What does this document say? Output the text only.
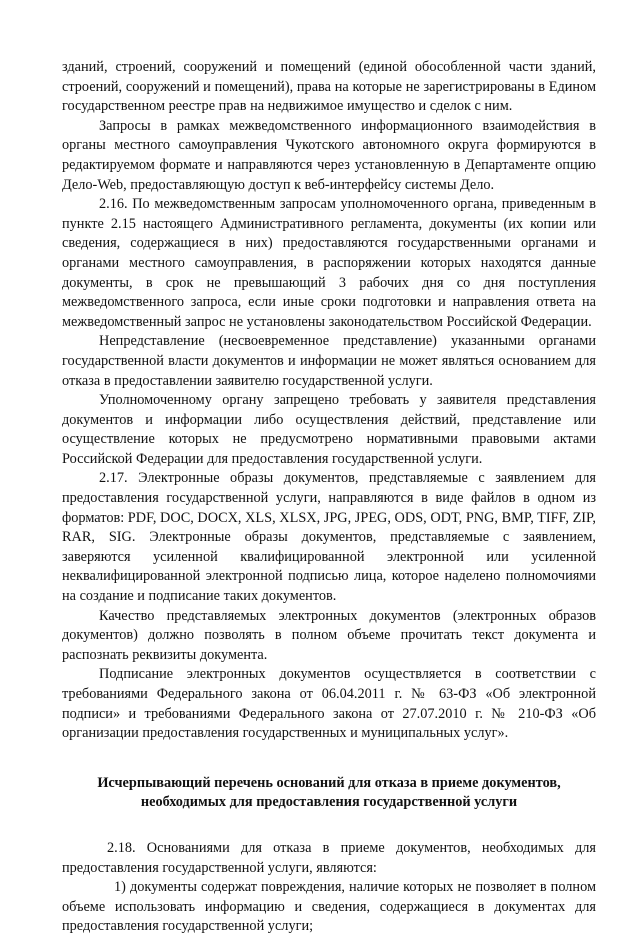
зданий, строений, сооружений и помещений (единой обособленной части зданий, строений, сооружений и помещений), права на которые не зарегистрированы в Едином государственном реестре прав на недвижимое имущество и сделок с ним.

Запросы в рамках межведомственного информационного взаимодействия в органы местного самоуправления Чукотского автономного округа формируются в редактируемом формате и направляются через установленную в Департаменте опцию Дело-Web, предоставляющую доступ к веб-интерфейсу системы Дело.

2.16. По межведомственным запросам уполномоченного органа, приведенным в пункте 2.15 настоящего Административного регламента, документы (их копии или сведения, содержащиеся в них) предоставляются государственными органами и органами местного самоуправления, в распоряжении которых находятся данные документы, в срок не превышающий 3 рабочих дня со дня поступления межведомственного запроса, если иные сроки подготовки и направления ответа на межведомственный запрос не установлены законодательством Российской Федерации.

Непредставление (несвоевременное представление) указанными органами государственной власти документов и информации не может являться основанием для отказа в предоставлении заявителю государственной услуги.

Уполномоченному органу запрещено требовать у заявителя представления документов и информации либо осуществления действий, представление или осуществление которых не предусмотрено нормативными правовыми актами Российской Федерации для предоставления государственной услуги.

2.17. Электронные образы документов, представляемые с заявлением для предоставления государственной услуги, направляются в виде файлов в одном из форматов: PDF, DOC, DOCX, XLS, XLSX, JPG, JPEG, ODS, ODT, PNG, BMP, TIFF, ZIP, RAR, SIG. Электронные образы документов, представляемые с заявлением, заверяются усиленной квалифицированной электронной или усиленной неквалифицированной электронной подписью лица, которое наделено полномочиями на создание и подписание таких документов.

Качество представляемых электронных документов (электронных образов документов) должно позволять в полном объеме прочитать текст документа и распознать реквизиты документа.

Подписание электронных документов осуществляется в соответствии с требованиями Федерального закона от 06.04.2011 г. № 63-ФЗ «Об электронной подписи» и требованиями Федерального закона от 27.07.2010 г. № 210-ФЗ «Об организации предоставления государственных и муниципальных услуг».

Исчерпывающий перечень оснований для отказа в приеме документов, необходимых для предоставления государственной услуги

2.18. Основаниями для отказа в приеме документов, необходимых для предоставления государственной услуги, являются:

1) документы содержат повреждения, наличие которых не позволяет в полном объеме использовать информацию и сведения, содержащиеся в документах для предоставления государственной услуги;
